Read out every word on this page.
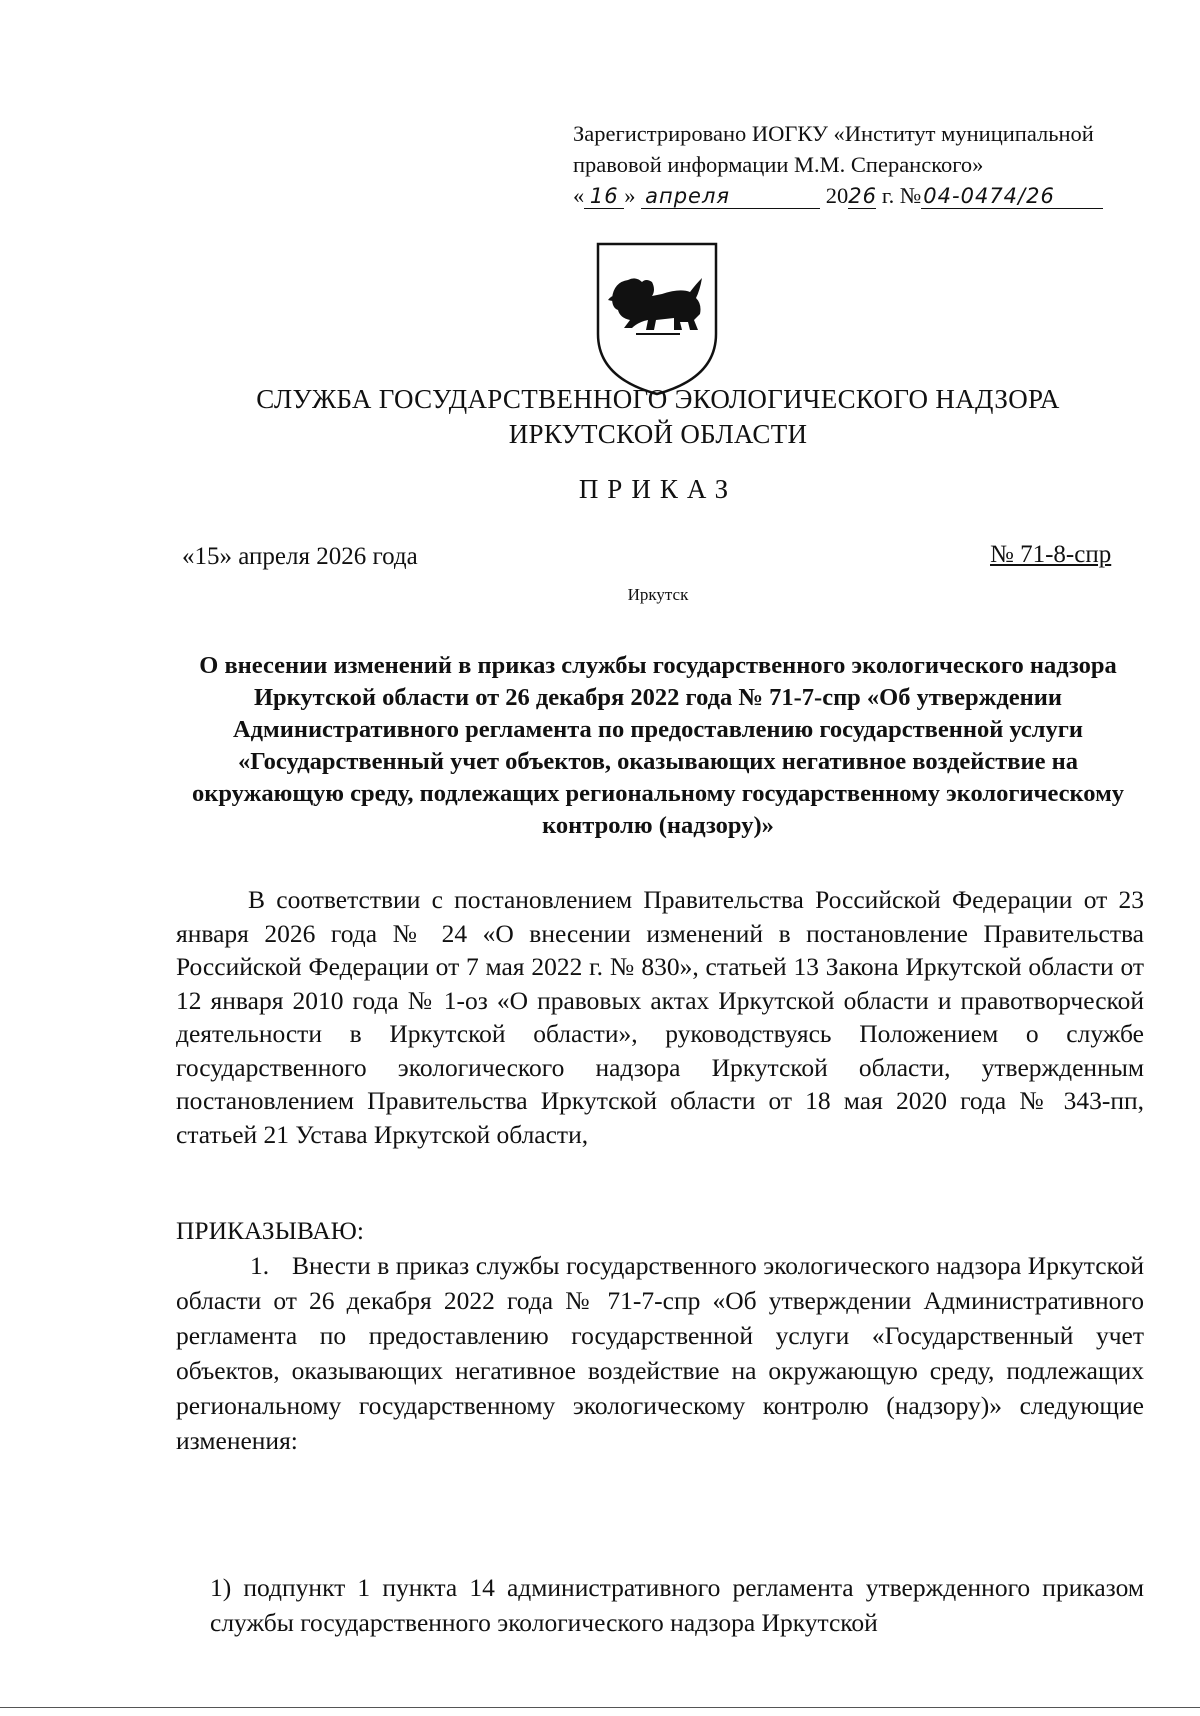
Зарегистрировано ИОГКУ «Институт муниципальной
правовой информации М.М. Сперанского»
« 16 » апреля	2026 г. №04-0474/26
СЛУЖБА ГОСУДАРСТВЕННОГО ЭКОЛОГИЧЕСКОГО НАДЗОРА
ИРКУТСКОЙ ОБЛАСТИ
ПРИКАЗ
«15» апреля 2026 года	№ 71-8-спр
Иркутск
О внесении изменений в приказ службы государственного экологического надзора Иркутской области от 26 декабря 2022 года № 71-7-спр «Об утверждении Административного регламента по предоставлению государственной услуги «Государственный учет объектов, оказывающих негативное воздействие на окружающую среду, подлежащих региональному государственному экологическому контролю (надзору)»
В соответствии с постановлением Правительства Российской Федерации от 23 января 2026 года № 24 «О внесении изменений в постановление Правительства Российской Федерации от 7 мая 2022 г. № 830», статьей 13 Закона Иркутской области от 12 января 2010 года № 1-оз «О правовых актах Иркутской области и правотворческой деятельности в Иркутской области», руководствуясь Положением о службе государственного экологического надзора Иркутской области, утвержденным постановлением Правительства Иркутской области от 18 мая 2020 года № 343-пп, статьей 21 Устава Иркутской области,
ПРИКАЗЫВАЮ:
1. Внести в приказ службы государственного экологического надзора Иркутской области от 26 декабря 2022 года № 71-7-спр «Об утверждении Административного регламента по предоставлению государственной услуги «Государственный учет объектов, оказывающих негативное воздействие на окружающую среду, подлежащих региональному государственному экологическому контролю (надзору)» следующие изменения:
1) подпункт 1 пункта 14 административного регламента утвержденного приказом службы государственного экологического надзора Иркутской
